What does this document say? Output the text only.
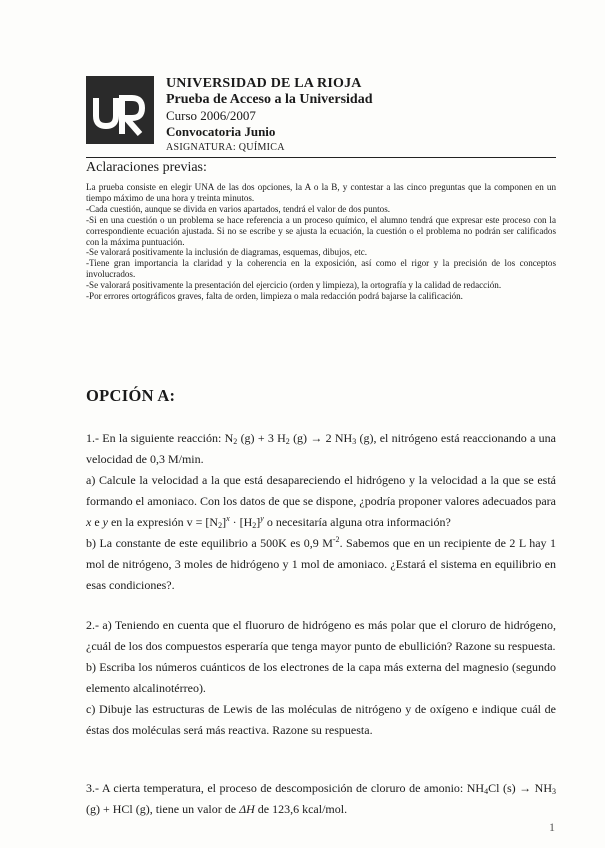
UNIVERSIDAD DE LA RIOJA
Prueba de Acceso a la Universidad
Curso 2006/2007
Convocatoria Junio
ASIGNATURA: QUÍMICA
Aclaraciones previas:

La prueba consiste en elegir UNA de las dos opciones, la A o la B, y contestar a las cinco preguntas que la componen en un tiempo máximo de una hora y treinta minutos.

-Cada cuestión, aunque se divida en varios apartados, tendrá el valor de dos puntos.

-Si en una cuestión o un problema se hace referencia a un proceso químico, el alumno tendrá que expresar este proceso con la correspondiente ecuación ajustada. Si no se escribe y se ajusta la ecuación, la cuestión o el problema no podrán ser calificados con la máxima puntuación.

-Se valorará positivamente la inclusión de diagramas, esquemas, dibujos, etc.

-Tiene gran importancia la claridad y la coherencia en la exposición, así como el rigor y la precisión de los conceptos involucrados.

-Se valorará positivamente la presentación del ejercicio (orden y limpieza), la ortografía y la calidad de redacción.

-Por errores ortográficos graves, falta de orden, limpieza o mala redacción podrá bajarse la calificación.

OPCIÓN A:

1.- En la siguiente reacción: $N_2$ (g) + 3 $H_2$ (g) → 2 $NH_3$ (g), el nitrógeno está reaccionando a una velocidad de 0,3 M/min.

a) Calcule la velocidad a la que está desapareciendo el hidrógeno y la velocidad a la que se está formando el amoniaco. Con los datos de que se dispone, ¿podría proponer valores adecuados para x e y en la expresión $v = [N_2]^x \cdot [H_2]^y$ o necesitaría alguna otra información?

b) La constante de este equilibrio a 500K es 0,9 $M^{-2}$. Sabemos que en un recipiente de 2 L hay 1 mol de nitrógeno, 3 moles de hidrógeno y 1 mol de amoniaco. ¿Estará el sistema en equilibrio en esas condiciones?.

2.- a) Teniendo en cuenta que el fluoruro de hidrógeno es más polar que el cloruro de hidrógeno, ¿cuál de los dos compuestos esperaría que tenga mayor punto de ebullición? Razone su respuesta.

b) Escriba los números cuánticos de los electrones de la capa más externa del magnesio (segundo elemento alcalinotérreo).

c) Dibuje las estructuras de Lewis de las moléculas de nitrógeno y de oxígeno e indique cuál de éstas dos moléculas será más reactiva. Razone su respuesta.

3.- A cierta temperatura, el proceso de descomposición de cloruro de amonio: $NH_4Cl$ $(s) \to NH_3$ (g) + HCl (g), tiene un valor de ΔH de 123,6 kcal/mol.

1
